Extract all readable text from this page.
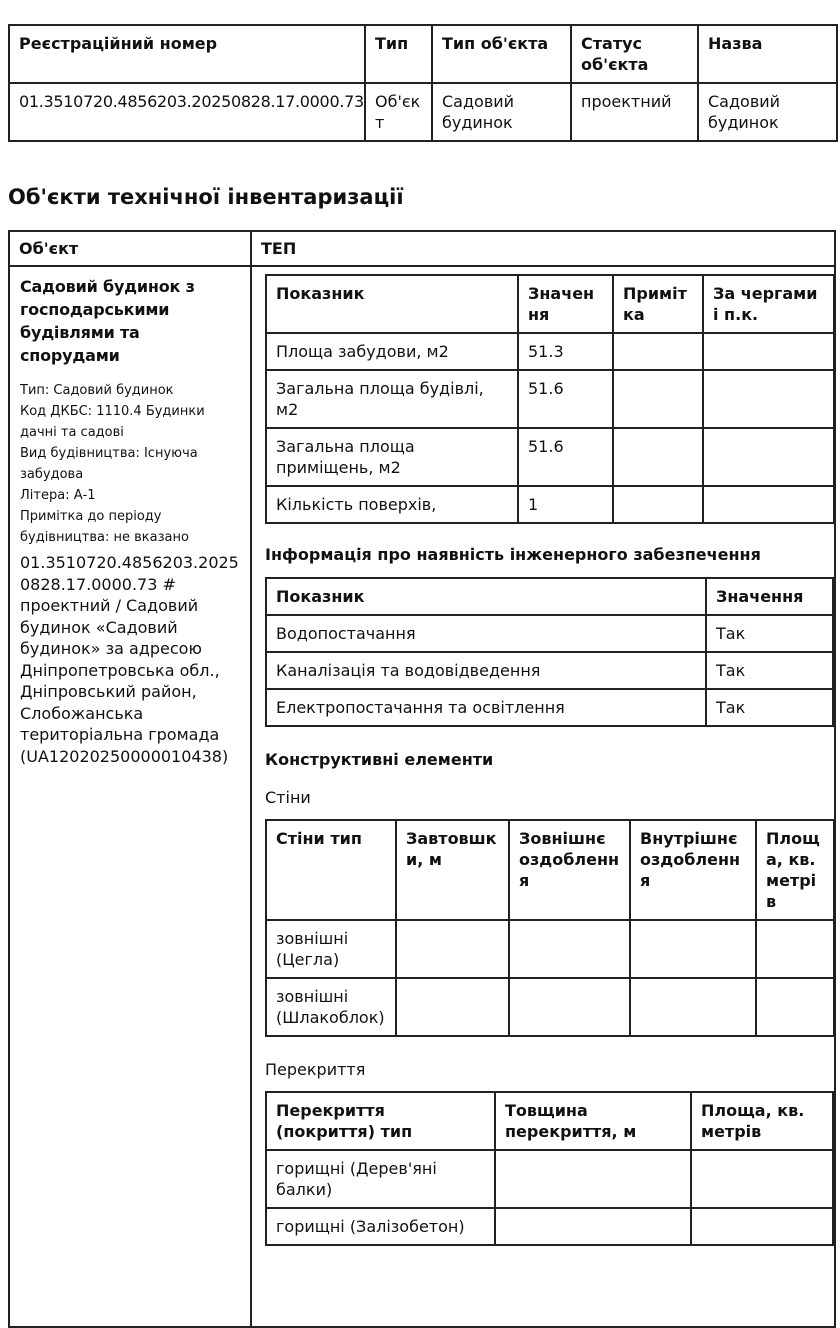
Реєстраційний номер	Тип	Тип об'єкта	Статус об'єкта	Назва
01.3510720.4856203.20250828.17.0000.73	Об'єкт	Садовий будинок	проектний	Садовий будинок
Об'єкти технічної інвентаризації
Об'єкт	ТЕП

Садовий будинок з господарськими будівлями та спорудами
Тип: Садовий будинок
Код ДКБС: 1110.4 Будинки дачні та садові
Вид будівництва: Існуюча забудова
Літера: А-1
Примітка до періоду будівництва: не вказано
01.3510720.4856203.20250828.17.0000.73 # проектний / Садовий будинок «Садовий будинок» за адресою Дніпропетровська обл., Дніпровський район, Слобожанська територіальна громада (UA12020250000010438)

Показник	Значення	Примітка	За чергами і п.к.
Площа забудови, м2	51.3		
Загальна площа будівлі, м2	51.6		
Загальна площа приміщень, м2	51.6		
Кількість поверхів,	1		
Інформація про наявність інженерного забезпечення
Показник	Значення
Водопостачання	Так
Каналізація та водовідведення	Так
Електропостачання та освітлення	Так
Конструктивні елементи
Стіни
Стіни тип	Завтовшки, м	Зовнішнє оздоблення	Внутрішнє оздоблення	Площа, кв. метрів
зовнішні (Цегла)				
зовнішні (Шлакоблок)				
Перекриття
Перекриття (покриття) тип	Товщина перекриття, м	Площа, кв. метрів
горищні (Дерев'яні балки)		
горищні (Залізобетон)		
